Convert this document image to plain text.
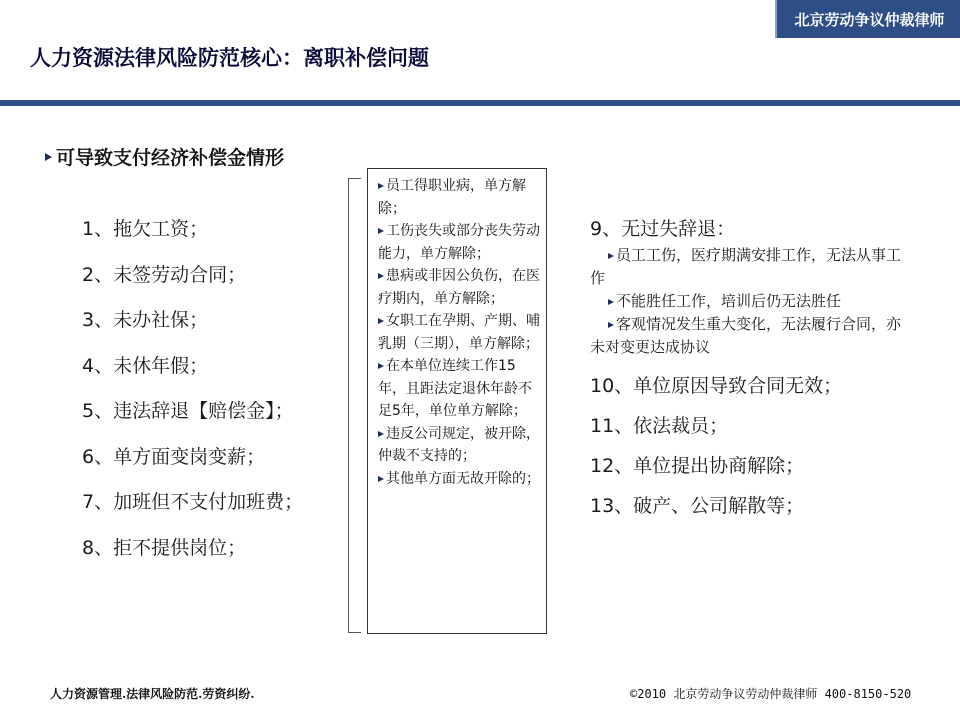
北京劳动争议仲裁律师
人力资源法律风险防范核心：离职补偿问题
可导致支付经济补偿金情形
1、拖欠工资；
2、未签劳动合同；
3、未办社保；
4、未休年假；
5、违法辞退【赔偿金】；
6、单方面变岗变薪；
7、加班但不支付加班费；
8、拒不提供岗位；

员工得职业病，单方解除；

工伤丧失或部分丧失劳动能力，单方解除；

患病或非因公负伤，在医疗期内，单方解除；

女职工在孕期、产期、哺乳期（三期），单方解除；

在本单位连续工作15年，且距法定退休年龄不足5年，单位单方解除；

违反公司规定，被开除，仲裁不支持的；

其他单方面无故开除的；

9、无过失辞退：
员工工伤，医疗期满安排工作，无法从事工作
不能胜任工作，培训后仍无法胜任
客观情况发生重大变化，无法履行合同，亦未对变更达成协议
10、单位原因导致合同无效；
11、依法裁员；
12、单位提出协商解除；
13、破产、公司解散等；
人力资源管理.法律风险防范.劳资纠纷.	©2010 北京劳动争议劳动仲裁律师 400-8150-520
